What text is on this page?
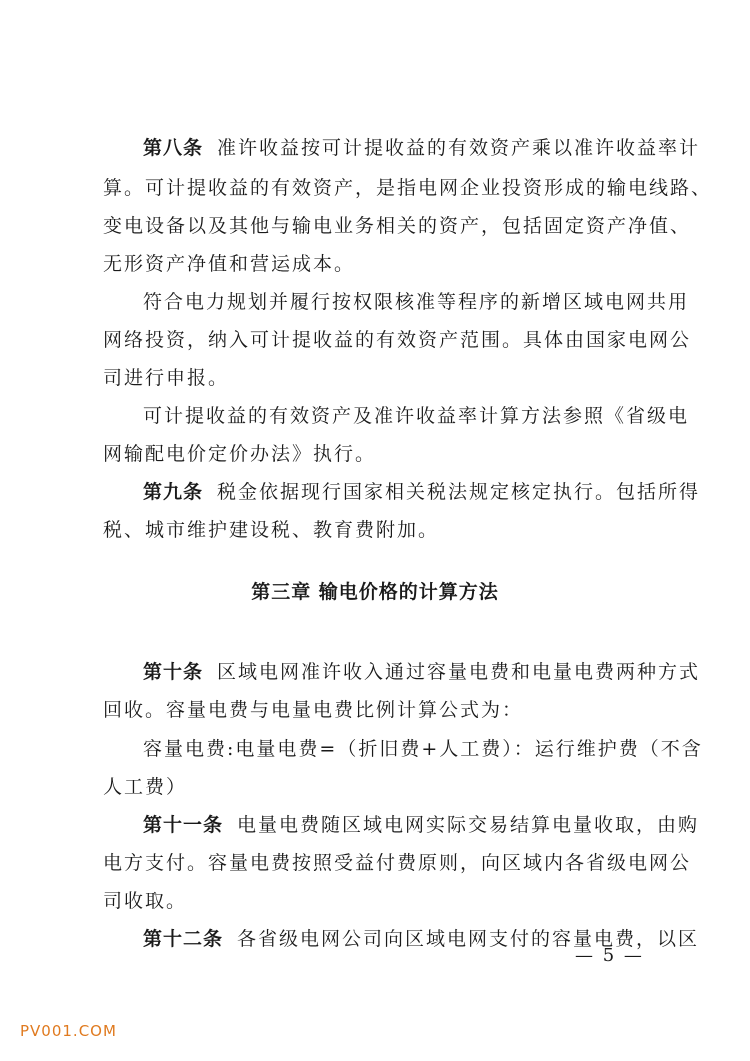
第八条 准许收益按可计提收益的有效资产乘以准许收益率计
算。可计提收益的有效资产，是指电网企业投资形成的输电线路、
变电设备以及其他与输电业务相关的资产，包括固定资产净值、
无形资产净值和营运成本。
符合电力规划并履行按权限核准等程序的新增区域电网共用
网络投资，纳入可计提收益的有效资产范围。具体由国家电网公
司进行申报。
可计提收益的有效资产及准许收益率计算方法参照《省级电
网输配电价定价办法》执行。
第九条 税金依据现行国家相关税法规定核定执行。包括所得
税、城市维护建设税、教育费附加。
第三章 输电价格的计算方法
第十条 区域电网准许收入通过容量电费和电量电费两种方式
回收。容量电费与电量电费比例计算公式为：
容量电费:电量电费=（折旧费+人工费）：运行维护费（不含
人工费）
第十一条 电量电费随区域电网实际交易结算电量收取，由购
电方支付。容量电费按照受益付费原则，向区域内各省级电网公
司收取。
第十二条 各省级电网公司向区域电网支付的容量电费，以区
— 5 —
PV001.COM
